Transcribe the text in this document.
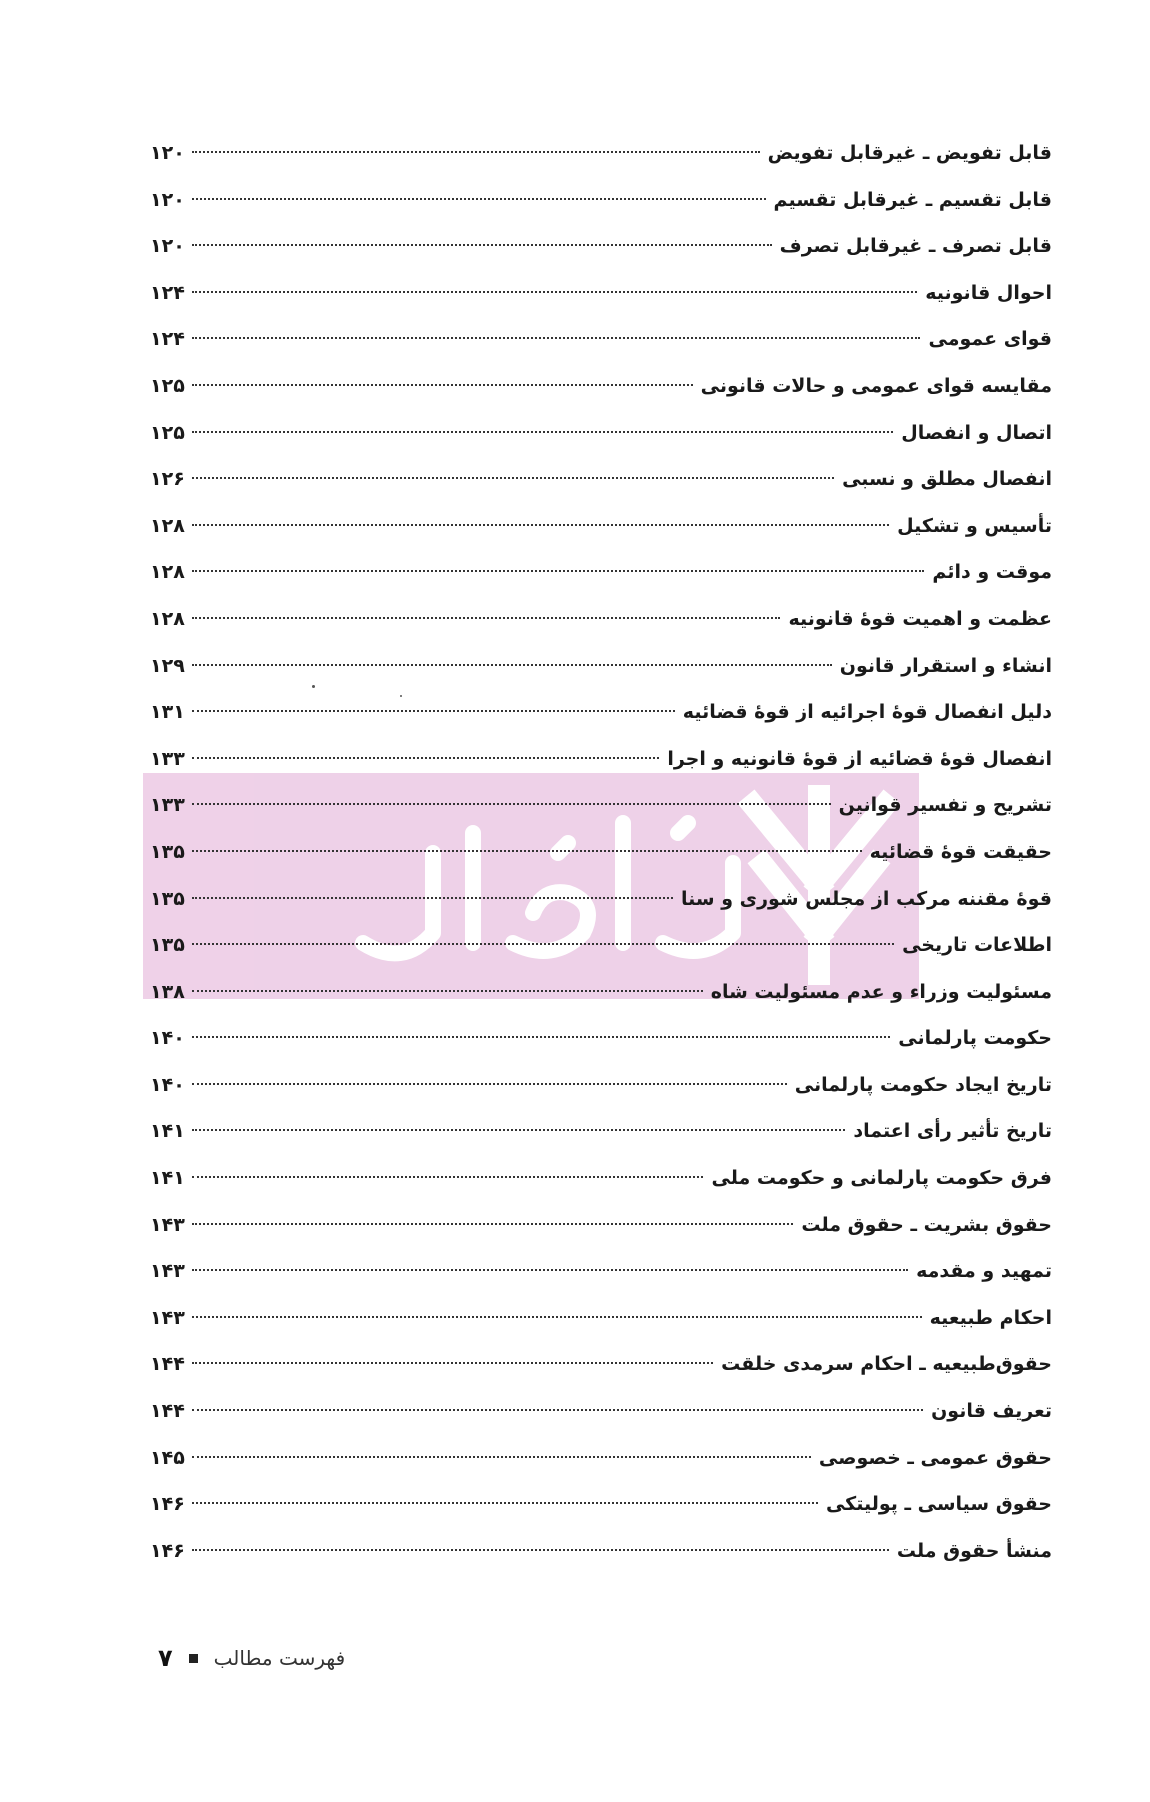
قابل تفویض ـ غیرقابل تفویض
۱۲۰
قابل تقسیم ـ غیرقابل تقسیم
۱۲۰
قابل تصرف ـ غیرقابل تصرف
۱۲۰
احوال قانونیه
۱۲۴
قوای عمومی
۱۲۴
مقایسه قوای عمومی و حالات قانونی
۱۲۵
اتصال و انفصال
۱۲۵
انفصال مطلق و نسبی
۱۲۶
تأسیس و تشکیل
۱۲۸
موقت و دائم
۱۲۸
عظمت و اهمیت قوهٔ قانونیه
۱۲۸
انشاء و استقرار قانون
۱۲۹
دلیل انفصال قوهٔ اجرائیه از قوهٔ قضائیه
۱۳۱
انفصال قوهٔ قضائیه از قوهٔ قانونیه و اجرا
۱۳۳
تشریح و تفسیر قوانین
۱۳۳
حقیقت قوهٔ قضائیه
۱۳۵
قوهٔ مقننه مرکب از مجلس شوری و سنا
۱۳۵
اطلاعات تاریخی
۱۳۵
مسئولیت وزراء و عدم مسئولیت شاه
۱۳۸
حکومت پارلمانی
۱۴۰
تاریخ ایجاد حکومت پارلمانی
۱۴۰
تاریخ تأثیر رأی اعتماد
۱۴۱
فرق حکومت پارلمانی و حکومت ملی
۱۴۱
حقوق بشریت ـ حقوق ملت
۱۴۳
تمهید و مقدمه
۱۴۳
احکام طبیعیه
۱۴۳
حقوق‌طبیعیه ـ احکام سرمدی خلقت
۱۴۴
تعریف قانون
۱۴۴
حقوق عمومی ـ خصوصی
۱۴۵
حقوق سیاسی ـ پولیتکی
۱۴۶
منشأ حقوق ملت
۱۴۶
فهرست مطالب
۷
